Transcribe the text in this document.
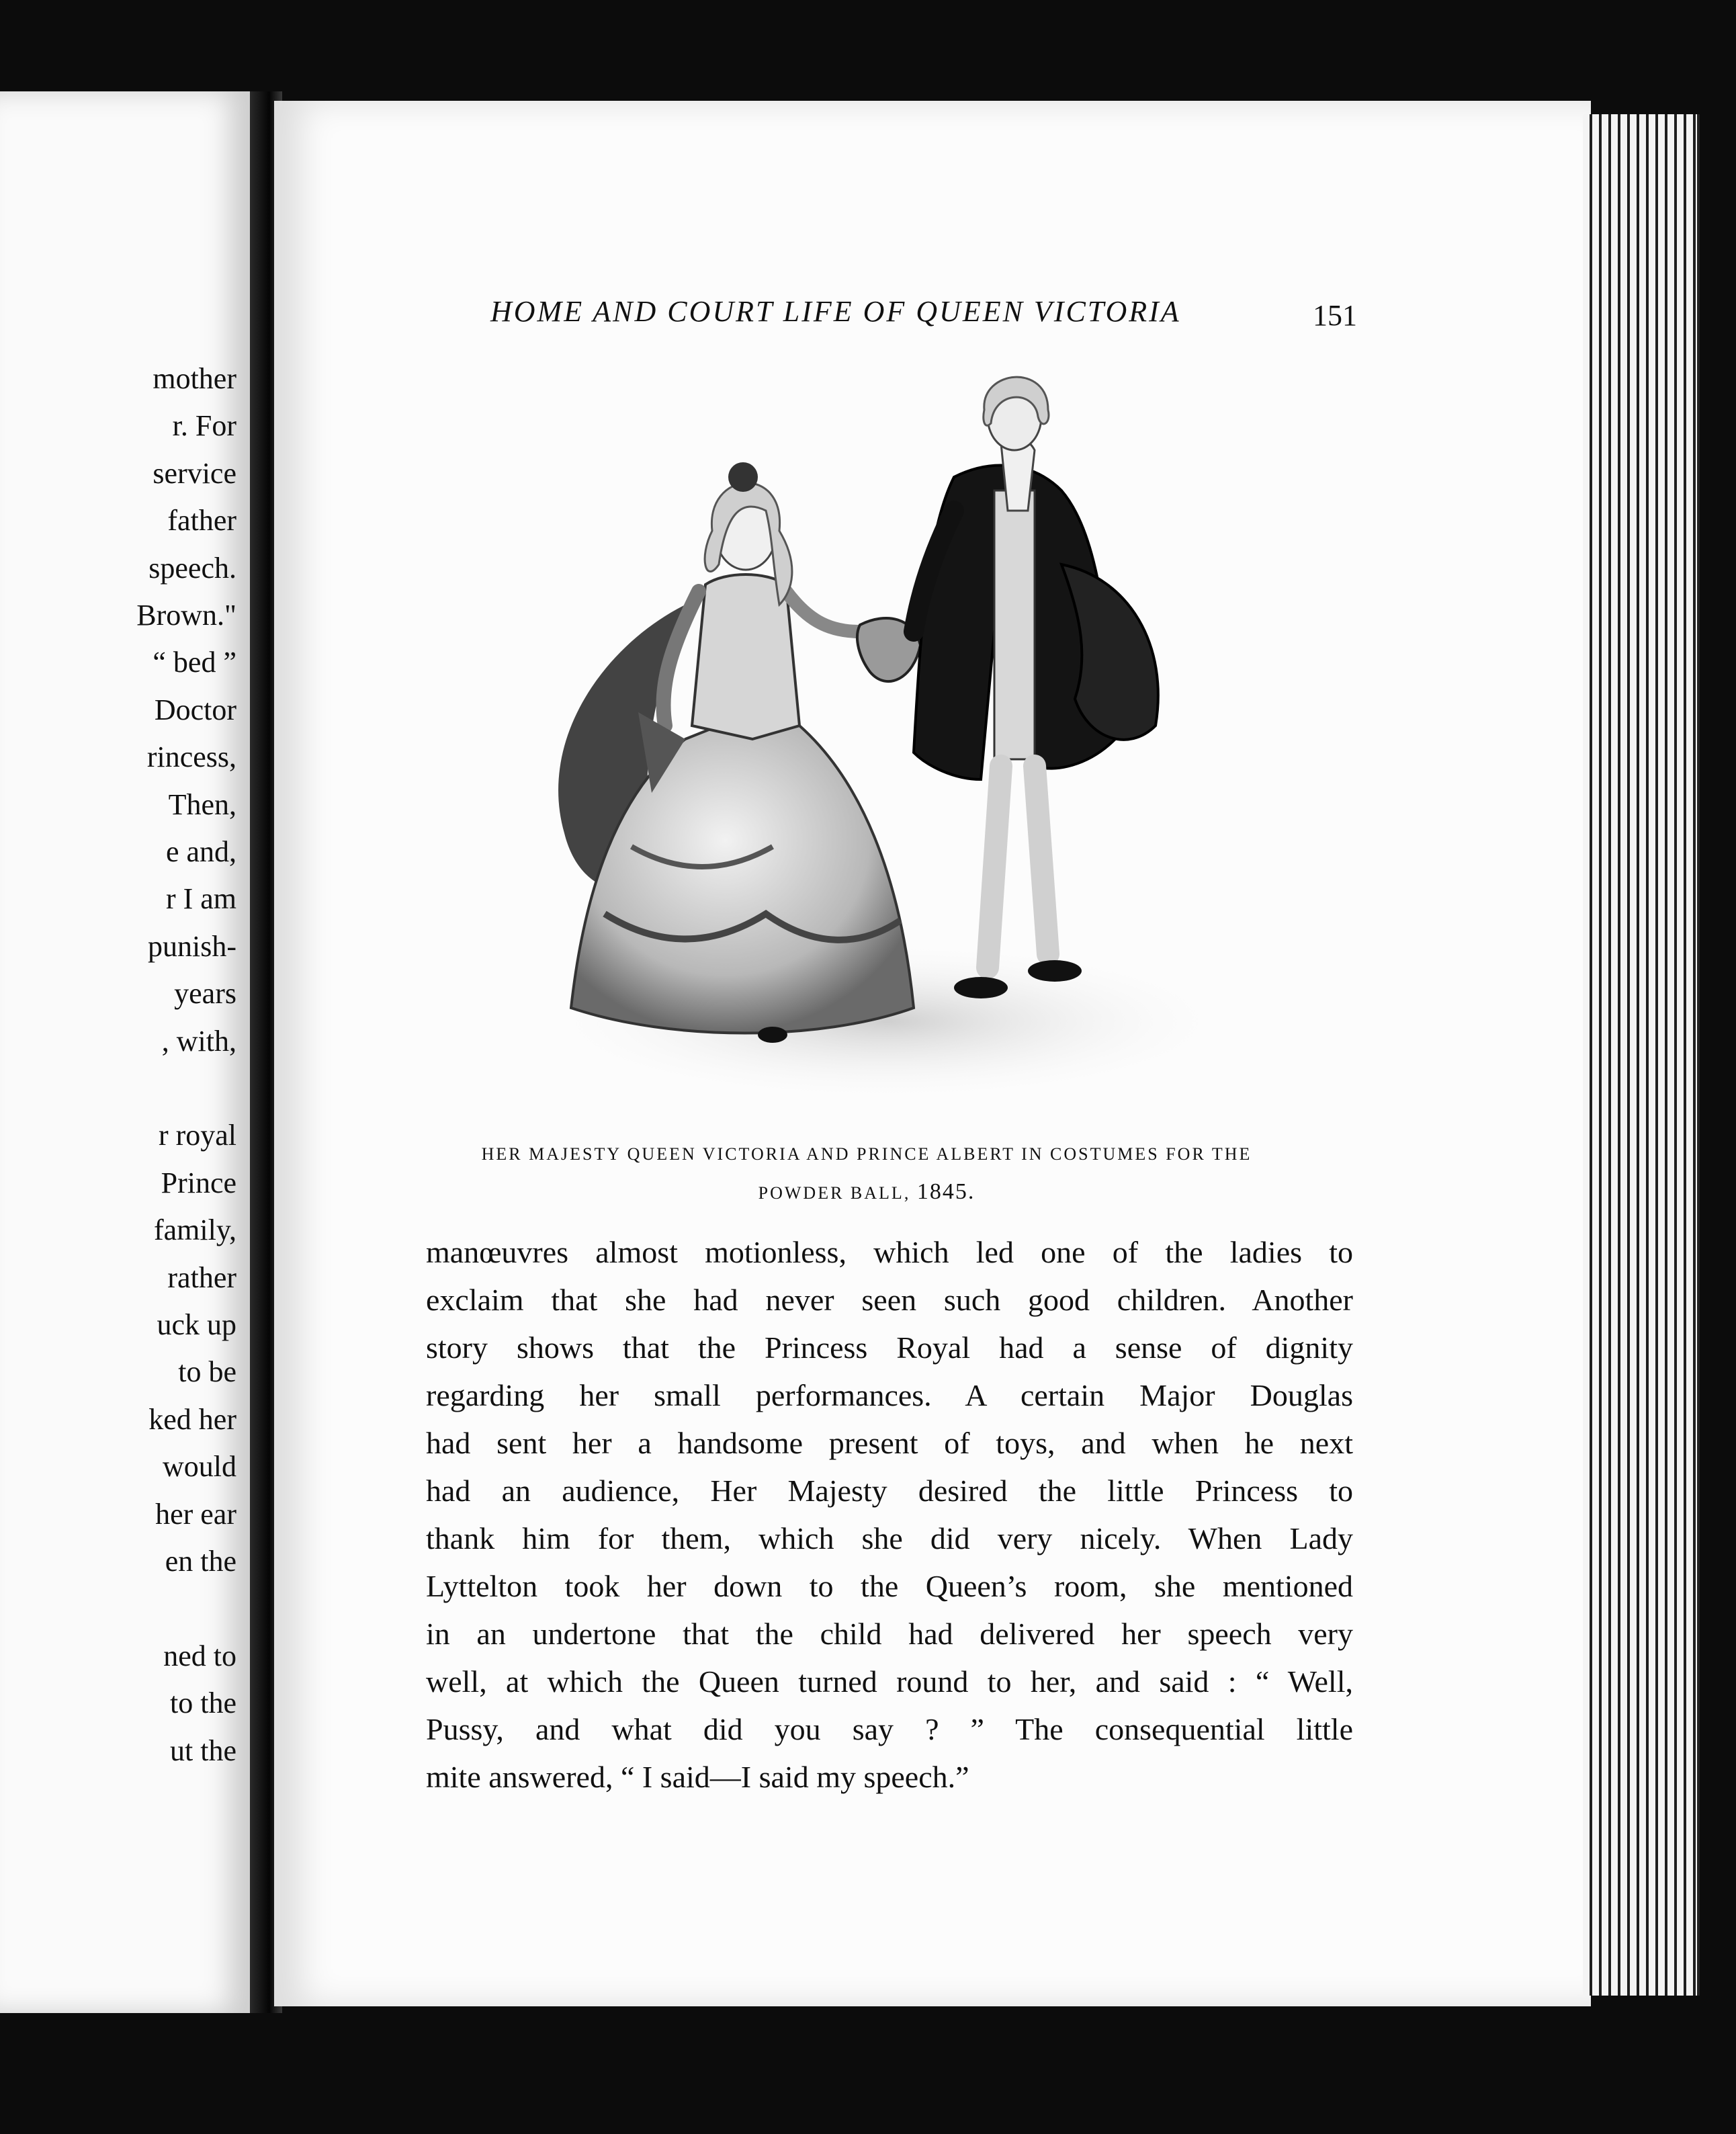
mother
r. For
service
father
speech.
Brown."
“ bed ”
Doctor
rincess,
Then,
e and,
r I am
punish-
years
, with,
r royal
Prince
family,
rather
uck up
to be
ked her
would
her ear
en the
ned to
to the
ut the
HOME AND COURT LIFE OF QUEEN VICTORIA	151
HER MAJESTY QUEEN VICTORIA AND PRINCE ALBERT IN COSTUMES FOR THE
POWDER BALL, 1845.
manœuvres almost motionless, which led one of the ladies to
exclaim that she had never seen such good children. Another
story shows that the Princess Royal had a sense of dignity
regarding her small performances. A certain Major Douglas
had sent her a handsome present of toys, and when he next
had an audience, Her Majesty desired the little Princess to
thank him for them, which she did very nicely. When Lady
Lyttelton took her down to the Queen’s room, she mentioned
in an undertone that the child had delivered her speech very
well, at which the Queen turned round to her, and said : “ Well,
Pussy, and what did you say ? ” The consequential little
mite answered, “ I said—I said my speech.”
